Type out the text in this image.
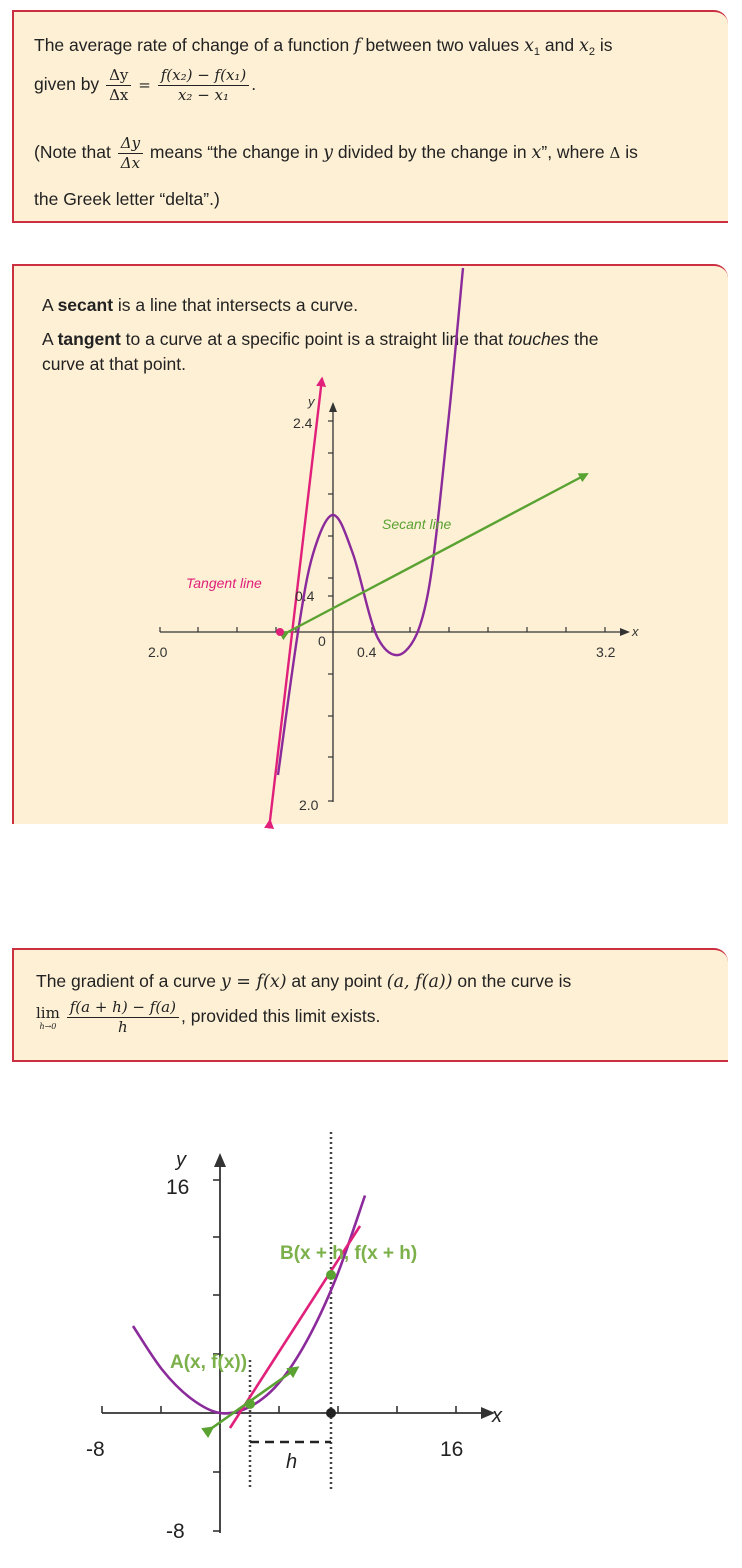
The average rate of change of a function f between two values $x_1$ and $x_2$ is
given by $\frac{\Delta y}{\Delta x} = \frac{\text{f(x₂) − f(x₁)}}{\text{x₂ − x₁}}$ .
(Note that $\frac{\Delta y}{\Delta x}$ means “the change in y divided by the change in x”, where Δ is
the Greek letter “delta”.)
A secant is a line that intersects a curve.
A tangent to a curve at a specific point is a straight line that touches the
curve at that point.
y
x
2.4
0.4
2.0
2.0
0
0.4	3.2
Tangent line
Secant line
The gradient of a curve y = f(x) at any point (a, f(a)) on the curve is
lim
h→0
$\frac{f(a + h) - f(a)}{h}$ , provided this limit exists.
y
x
16
-8
-8	16
A(x, f(x))
B(x + h, f(x + h)
h
